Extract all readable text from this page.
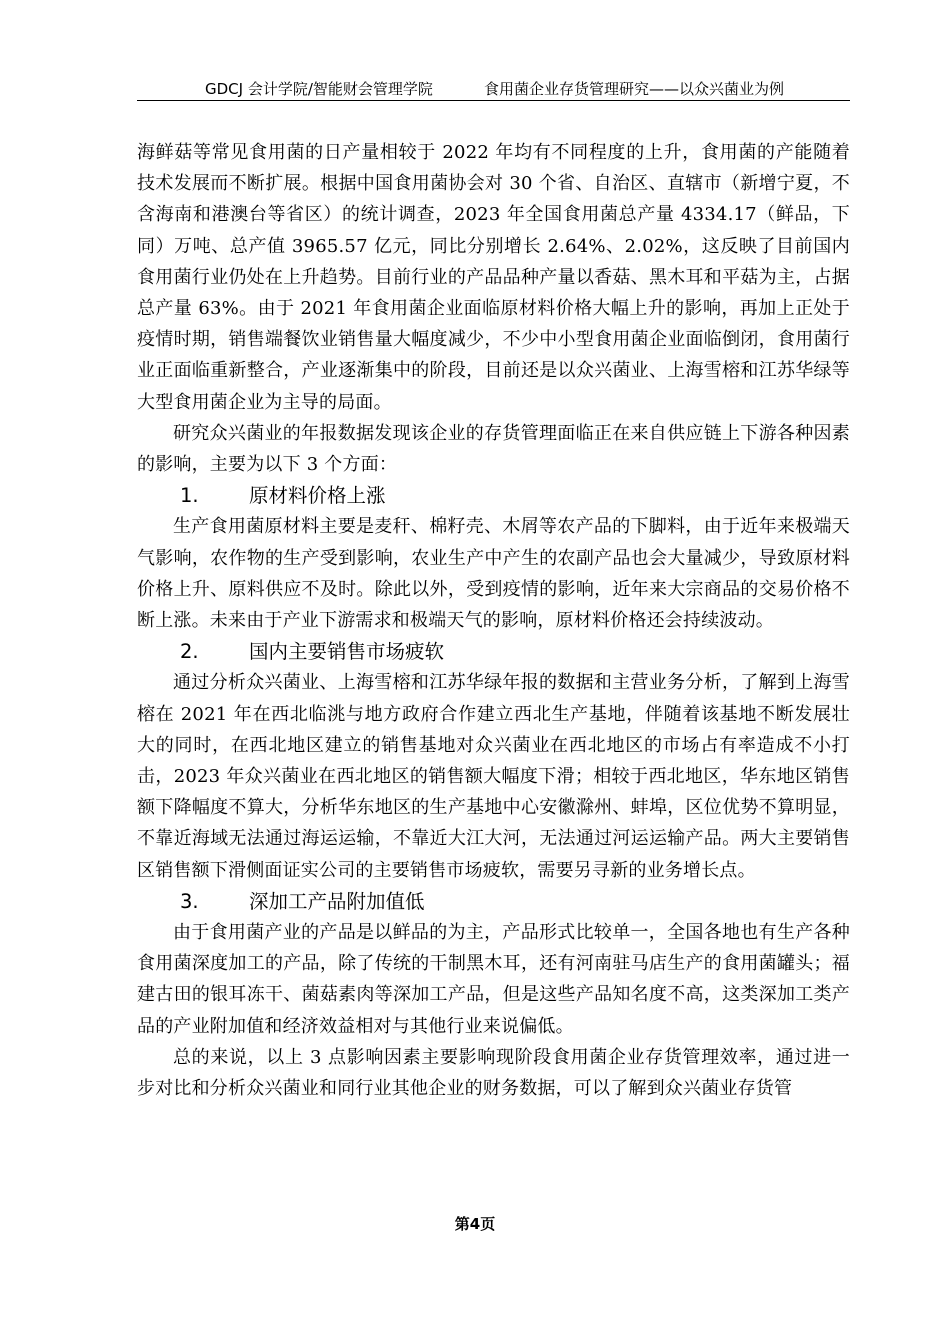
GDCJ 会计学院/智能财会管理学院	食用菌企业存货管理研究——以众兴菌业为例

海鲜菇等常见食用菌的日产量相较于 2022 年均有不同程度的上升，食用菌的产能随着技术发展而不断扩展。根据中国食用菌协会对 30 个省、自治区、直辖市（新增宁夏，不含海南和港澳台等省区）的统计调查，2023 年全国食用菌总产量 4334.17（鲜品，下同）万吨、总产值 3965.57 亿元，同比分别增长 2.64%、2.02%，这反映了目前国内食用菌行业仍处在上升趋势。目前行业的产品品种产量以香菇、黑木耳和平菇为主，占据总产量 63%。由于 2021 年食用菌企业面临原材料价格大幅上升的影响，再加上正处于疫情时期，销售端餐饮业销售量大幅度减少，不少中小型食用菌企业面临倒闭，食用菌行业正面临重新整合，产业逐渐集中的阶段，目前还是以众兴菌业、上海雪榕和江苏华绿等大型食用菌企业为主导的局面。

研究众兴菌业的年报数据发现该企业的存货管理面临正在来自供应链上下游各种因素的影响，主要为以下 3 个方面：

1.	原材料价格上涨

生产食用菌原材料主要是麦秆、棉籽壳、木屑等农产品的下脚料，由于近年来极端天气影响，农作物的生产受到影响，农业生产中产生的农副产品也会大量减少，导致原材料价格上升、原料供应不及时。除此以外，受到疫情的影响，近年来大宗商品的交易价格不断上涨。未来由于产业下游需求和极端天气的影响，原材料价格还会持续波动。

2.	国内主要销售市场疲软

通过分析众兴菌业、上海雪榕和江苏华绿年报的数据和主营业务分析，了解到上海雪榕在 2021 年在西北临洮与地方政府合作建立西北生产基地，伴随着该基地不断发展壮大的同时，在西北地区建立的销售基地对众兴菌业在西北地区的市场占有率造成不小打击，2023 年众兴菌业在西北地区的销售额大幅度下滑；相较于西北地区，华东地区销售额下降幅度不算大，分析华东地区的生产基地中心安徽滁州、蚌埠，区位优势不算明显，不靠近海域无法通过海运运输，不靠近大江大河，无法通过河运运输产品。两大主要销售区销售额下滑侧面证实公司的主要销售市场疲软，需要另寻新的业务增长点。

3.	深加工产品附加值低

由于食用菌产业的产品是以鲜品的为主，产品形式比较单一，全国各地也有生产各种食用菌深度加工的产品，除了传统的干制黑木耳，还有河南驻马店生产的食用菌罐头；福建古田的银耳冻干、菌菇素肉等深加工产品，但是这些产品知名度不高，这类深加工类产品的产业附加值和经济效益相对与其他行业来说偏低。

总的来说，以上 3 点影响因素主要影响现阶段食用菌企业存货管理效率，通过进一步对比和分析众兴菌业和同行业其他企业的财务数据，可以了解到众兴菌业存货管

第4页
